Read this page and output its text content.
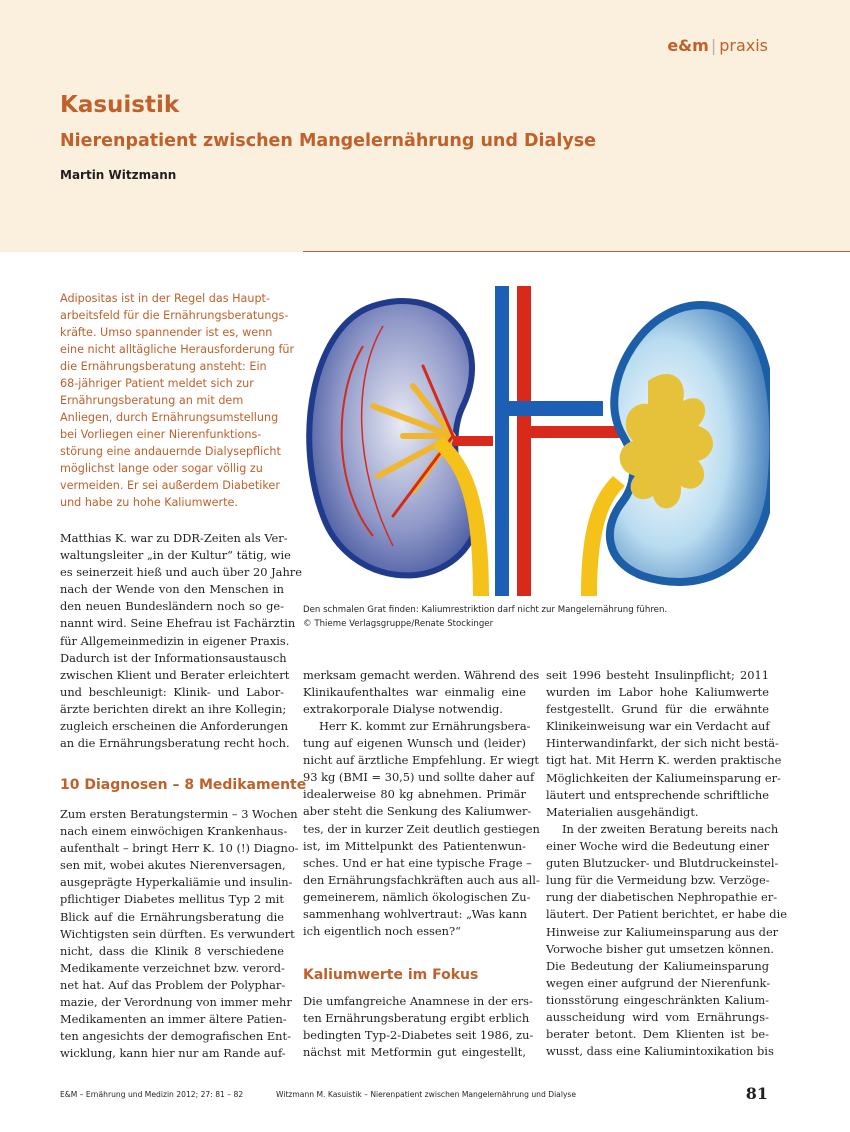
e&m | praxis
Kasuistik
Nierenpatient zwischen Mangelernährung und Dialyse
Martin Witzmann
Adipositas ist in der Regel das Haupt-
arbeitsfeld für die Ernährungsberatungs-
kräfte. Umso spannender ist es, wenn
eine nicht alltägliche Herausforderung für
die Ernährungsberatung ansteht: Ein
68-jähriger Patient meldet sich zur
Ernährungsberatung an mit dem
Anliegen, durch Ernährungsumstellung
bei Vorliegen einer Nierenfunktions-
störung eine andauernde Dialysepflicht
möglichst lange oder sogar völlig zu
vermeiden. Er sei außerdem Diabetiker
und habe zu hohe Kaliumwerte.
Matthias K. war zu DDR-Zeiten als Ver-
waltungsleiter „in der Kultur“ tätig, wie
es seinerzeit hieß und auch über 20 Jahre
nach der Wende von den Menschen in
den neuen Bundesländern noch so ge-
nannt wird. Seine Ehefrau ist Fachärztin
für Allgemeinmedizin in eigener Praxis.
Dadurch ist der Informationsaustausch
zwischen Klient und Berater erleichtert
und beschleunigt: Klinik- und Labor-
ärzte berichten direkt an ihre Kollegin;
zugleich erscheinen die Anforderungen
an die Ernährungsberatung recht hoch.
10 Diagnosen – 8 Medikamente
Zum ersten Beratungstermin – 3 Wochen
nach einem einwöchigen Krankenhaus-
aufenthalt – bringt Herr K. 10 (!) Diagno-
sen mit, wobei akutes Nierenversagen,
ausgeprägte Hyperkaliämie und insulin-
pflichtiger Diabetes mellitus Typ 2 mit
Blick auf die Ernährungsberatung die
Wichtigsten sein dürften. Es verwundert
nicht, dass die Klinik 8 verschiedene
Medikamente verzeichnet bzw. verord-
net hat. Auf das Problem der Polyphar-
mazie, der Verordnung von immer mehr
Medikamenten an immer ältere Patien-
ten angesichts der demografischen Ent-
wicklung, kann hier nur am Rande auf-
Den schmalen Grat finden: Kaliumrestriktion darf nicht zur Mangelernährung führen.
© Thieme Verlagsgruppe/Renate Stockinger
merksam gemacht werden. Während des
Klinikaufenthaltes war einmalig eine
extrakorporale Dialyse notwendig.
Herr K. kommt zur Ernährungsbera-
tung auf eigenen Wunsch und (leider)
nicht auf ärztliche Empfehlung. Er wiegt
93 kg (BMI = 30,5) und sollte daher auf
idealerweise 80 kg abnehmen. Primär
aber steht die Senkung des Kaliumwer-
tes, der in kurzer Zeit deutlich gestiegen
ist, im Mittelpunkt des Patientenwun-
sches. Und er hat eine typische Frage –
den Ernährungsfachkräften auch aus all-
gemeinerem, nämlich ökologischen Zu-
sammenhang wohlvertraut: „Was kann
ich eigentlich noch essen?“
Kaliumwerte im Fokus
Die umfangreiche Anamnese in der ers-
ten Ernährungsberatung ergibt erblich
bedingten Typ-2-Diabetes seit 1986, zu-
nächst mit Metformin gut eingestellt,
seit 1996 besteht Insulinpflicht; 2011
wurden im Labor hohe Kaliumwerte
festgestellt. Grund für die erwähnte
Klinikeinweisung war ein Verdacht auf
Hinterwandinfarkt, der sich nicht bestä-
tigt hat. Mit Herrn K. werden praktische
Möglichkeiten der Kaliumeinsparung er-
läutert und entsprechende schriftliche
Materialien ausgehändigt.
In der zweiten Beratung bereits nach
einer Woche wird die Bedeutung einer
guten Blutzucker- und Blutdruckeinstel-
lung für die Vermeidung bzw. Verzöge-
rung der diabetischen Nephropathie er-
läutert. Der Patient berichtet, er habe die
Hinweise zur Kaliumeinsparung aus der
Vorwoche bisher gut umsetzen können.
Die Bedeutung der Kaliumeinsparung
wegen einer aufgrund der Nierenfunk-
tionsstörung eingeschränkten Kalium-
ausscheidung wird vom Ernährungs-
berater betont. Dem Klienten ist be-
wusst, dass eine Kaliumintoxikation bis
E&M – Ernährung und Medizin 2012; 27: 81 – 82	Witzmann M. Kasuistik – Nierenpatient zwischen Mangelernährung und Dialyse	81
